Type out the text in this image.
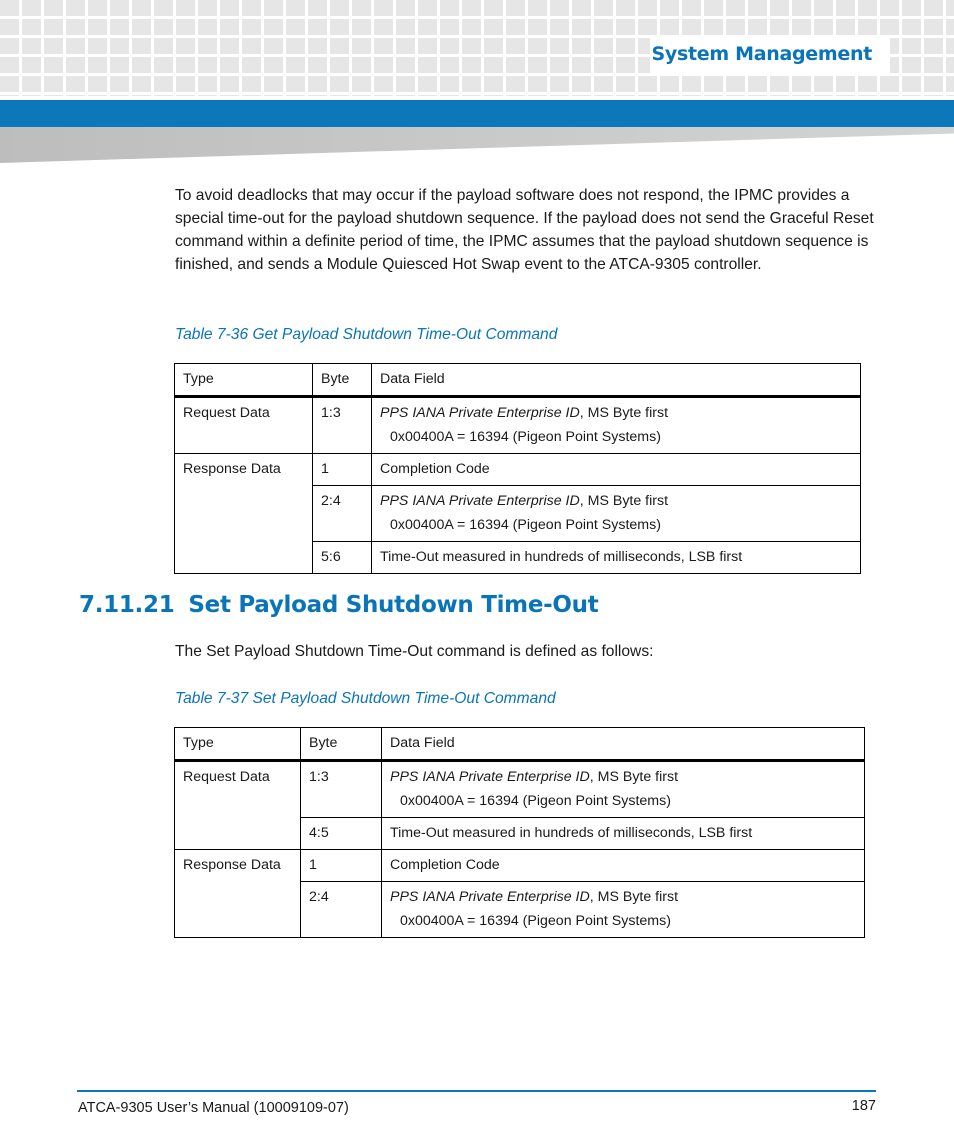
System Management

To avoid deadlocks that may occur if the payload software does not respond, the IPMC provides a special time-out for the payload shutdown sequence. If the payload does not send the Graceful Reset command within a definite period of time, the IPMC assumes that the payload shutdown sequence is finished, and sends a Module Quiesced Hot Swap event to the ATCA-9305 controller.

Table 7-36 Get Payload Shutdown Time-Out Command
Type	Byte	Data Field
Request Data	1:3	PPS IANA Private Enterprise ID, MS Byte first
0x00400A = 16394 (Pigeon Point Systems)

Response Data	1	Completion Code
	2:4	PPS IANA Private Enterprise ID, MS Byte first
0x00400A = 16394 (Pigeon Point Systems)

	5:6	Time-Out measured in hundreds of milliseconds, LSB first
7.11.21 Set Payload Shutdown Time-Out

The Set Payload Shutdown Time-Out command is defined as follows:

Table 7-37 Set Payload Shutdown Time-Out Command
Type	Byte	Data Field
Request Data	1:3	PPS IANA Private Enterprise ID, MS Byte first
0x00400A = 16394 (Pigeon Point Systems)

	4:5	Time-Out measured in hundreds of milliseconds, LSB first
Response Data	1	Completion Code
	2:4	PPS IANA Private Enterprise ID, MS Byte first
0x00400A = 16394 (Pigeon Point Systems)
ATCA-9305 User’s Manual (10009109-07)	187
